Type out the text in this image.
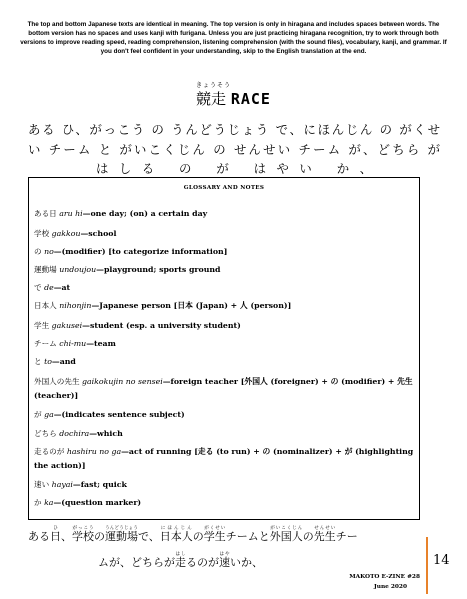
The top and bottom Japanese texts are identical in meaning. The top version is only in hiragana and includes spaces between words. The bottom version has no spaces and uses kanji with furigana. Unless you are just practicing hiragana recognition, try to work through both versions to improve reading speed, reading comprehension, listening comprehension (with the sound files), vocabulary, kanji, and grammar. If you don't feel confident in your understanding, skip to the English translation at the end.
きょうそう
競走 RACE
ある ひ、がっこう の うんどうじょう で、にほんじん の がくせ
い チーム と がいこくじん の せんせい チーム が、どちら が
はしる の が はやい か、
GLOSSARY AND NOTES
ある日 aru hi—one day; (on) a certain day
学校 gakkou—school
の no—(modifier) [to categorize information]
運動場 undoujou—playground; sports ground
で de—at
日本人 nihonjin—Japanese person [日本 (Japan) + 人 (person)]
学生 gakusei—student (esp. a university student)
チーム chi-mu—team
と to—and
外国人の先生 gaikokujin no sensei—foreign teacher [外国人 (foreigner) + の (modifier) + 先生 (teacher)]
が ga—(indicates sentence subject)
どちら dochira—which
走るのが hashiru no ga—act of running [走る (to run) + の (nominalizer) + が (highlighting the action)]
速い hayai—fast; quick
か ka—(question marker)
ある日ひ、学校がっこうの運動場うんどうじょうで、日本人にほんじんの学生がくせいチームと外国人がいこくじんの先生せんせいチー
ムが、どちらが走はしるのが速はやいか、	14
MAKOTO E-ZINE #28
June 2020
